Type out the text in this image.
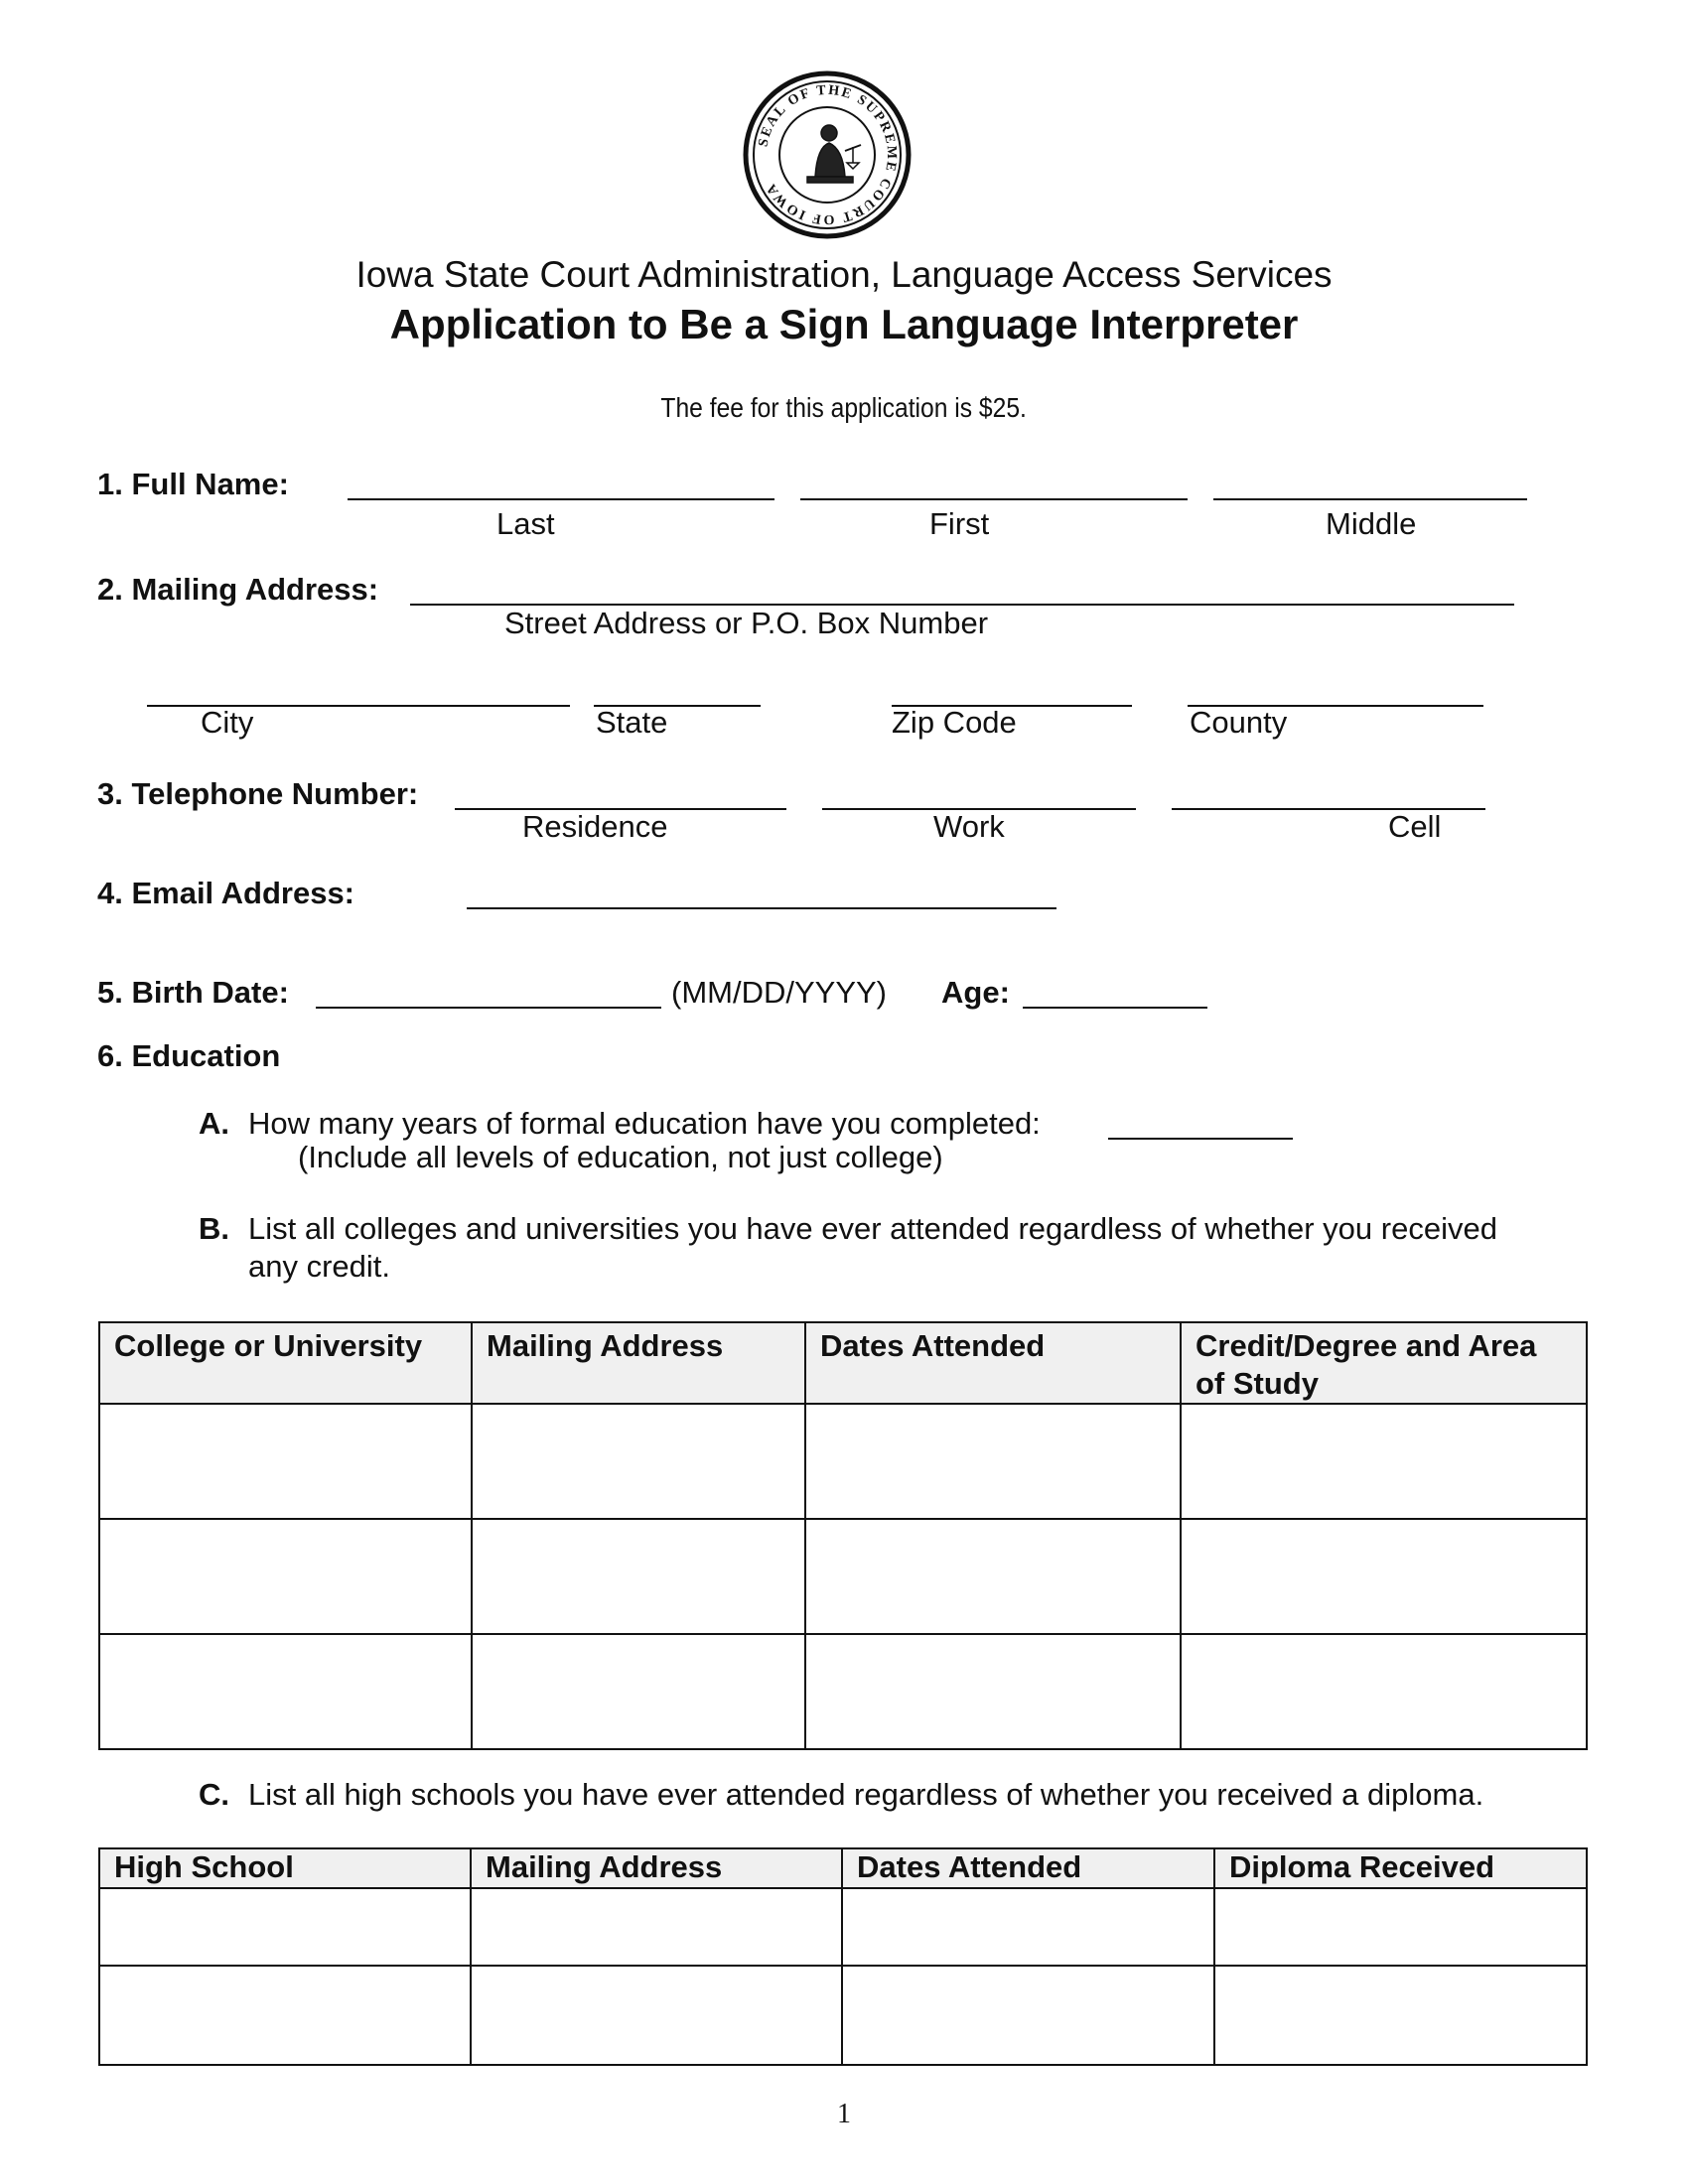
SEAL OF THE SUPREME COURT OF IOWA
Iowa State Court Administration, Language Access Services
Application to Be a Sign Language Interpreter
The fee for this application is $25.
1. Full Name:
Last	First	Middle
2. Mailing Address:
Street Address or P.O. Box Number
City	State	Zip Code	County
3. Telephone Number:
Residence	Work	Cell
4. Email Address:
5. Birth Date:	(MM/DD/YYYY) Age:
6. Education
A. How many years of formal education have you completed:
(Include all levels of education, not just college)
B. List all colleges and universities you have ever attended regardless of whether you received
any credit.
College or University	Mailing Address	Dates Attended	Credit/Degree and Area of Study

C. List all high schools you have ever attended regardless of whether you received a diploma.
High School	Mailing Address	Dates Attended	Diploma Received

1
